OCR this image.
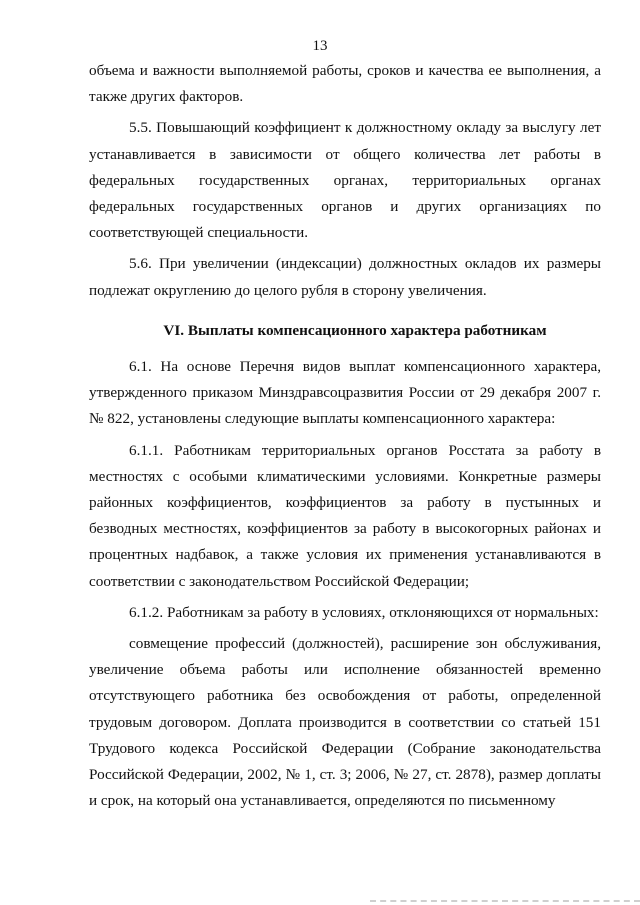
13

объема и важности выполняемой работы, сроков и качества ее выполнения, а также других факторов.

5.5. Повышающий коэффициент к должностному окладу за выслугу лет устанавливается в зависимости от общего количества лет работы в федеральных государственных органах, территориальных органах федеральных государственных органов и других организациях по соответствующей специальности.

5.6. При увеличении (индексации) должностных окладов их размеры подлежат округлению до целого рубля в сторону увеличения.

VI. Выплаты компенсационного характера работникам

6.1. На основе Перечня видов выплат компенсационного характера, утвержденного приказом Минздравсоцразвития России от 29 декабря 2007 г. № 822, установлены следующие выплаты компенсационного характера:

6.1.1. Работникам территориальных органов Росстата за работу в местностях с особыми климатическими условиями. Конкретные размеры районных коэффициентов, коэффициентов за работу в пустынных и безводных местностях, коэффициентов за работу в высокогорных районах и процентных надбавок, а также условия их применения устанавливаются в соответствии с законодательством Российской Федерации;

6.1.2. Работникам за работу в условиях, отклоняющихся от нормальных:

совмещение профессий (должностей), расширение зон обслуживания, увеличение объема работы или исполнение обязанностей временно отсутствующего работника без освобождения от работы, определенной трудовым договором. Доплата производится в соответствии со статьей 151 Трудового кодекса Российской Федерации (Собрание законодательства Российской Федерации, 2002, № 1, ст. 3; 2006, № 27, ст. 2878), размер доплаты и срок, на который она устанавливается, определяются по письменному
